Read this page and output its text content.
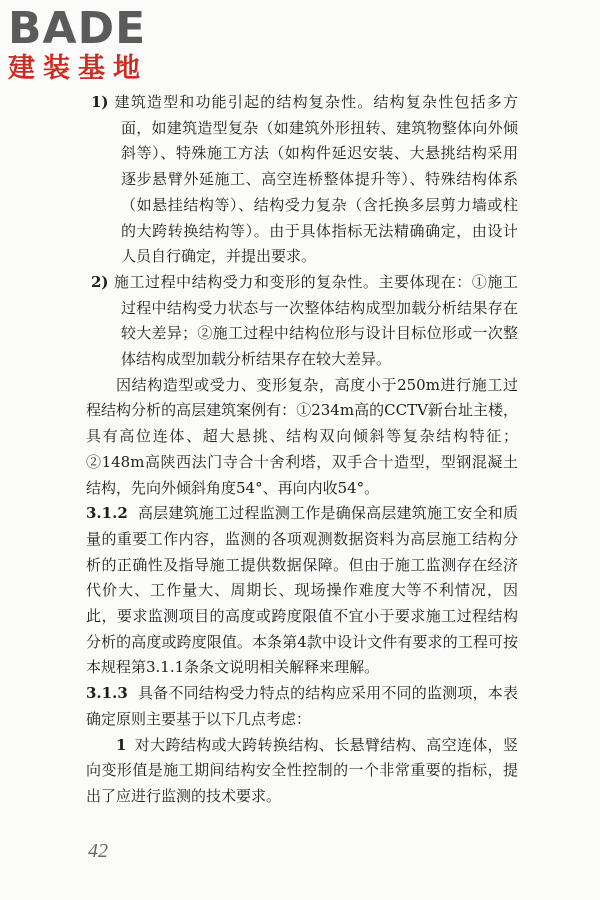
BADE
建装基地

1) 建筑造型和功能引起的结构复杂性。结构复杂性包括多方面，如建筑造型复杂（如建筑外形扭转、建筑物整体向外倾斜等）、特殊施工方法（如构件延迟安装、大悬挑结构采用逐步悬臂外延施工、高空连桥整体提升等）、特殊结构体系（如悬挂结构等）、结构受力复杂（含托换多层剪力墙或柱的大跨转换结构等）。由于具体指标无法精确确定，由设计人员自行确定，并提出要求。

2) 施工过程中结构受力和变形的复杂性。主要体现在：①施工过程中结构受力状态与一次整体结构成型加载分析结果存在较大差异；②施工过程中结构位形与设计目标位形或一次整体结构成型加载分析结果存在较大差异。

因结构造型或受力、变形复杂，高度小于250m进行施工过程结构分析的高层建筑案例有：①234m高的CCTV新台址主楼，具有高位连体、超大悬挑、结构双向倾斜等复杂结构特征；②148m高陕西法门寺合十舍利塔，双手合十造型，型钢混凝土结构，先向外倾斜角度54°、再向内收54°。

3.1.2 高层建筑施工过程监测工作是确保高层建筑施工安全和质量的重要工作内容，监测的各项观测数据资料为高层施工结构分析的正确性及指导施工提供数据保障。但由于施工监测存在经济代价大、工作量大、周期长、现场操作难度大等不利情况，因此，要求监测项目的高度或跨度限值不宜小于要求施工过程结构分析的高度或跨度限值。本条第4款中设计文件有要求的工程可按本规程第3.1.1条条文说明相关解释来理解。

3.1.3 具备不同结构受力特点的结构应采用不同的监测项，本表确定原则主要基于以下几点考虑：

1 对大跨结构或大跨转换结构、长悬臂结构、高空连体，竖向变形值是施工期间结构安全性控制的一个非常重要的指标，提出了应进行监测的技术要求。

42
